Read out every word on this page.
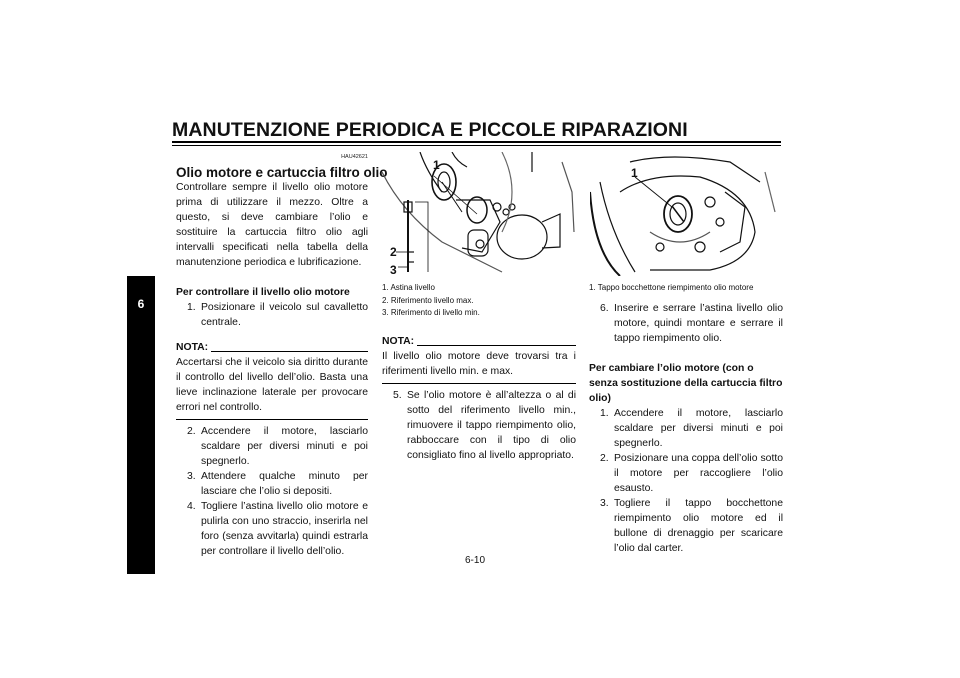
MANUTENZIONE PERIODICA E PICCOLE RIPARAZIONI
6
HAU42621
Olio motore e cartuccia filtro olio

Controllare sempre il livello olio motore prima di utilizzare il mezzo. Oltre a questo, si deve cambiare l’olio e sostituire la cartuccia filtro olio agli intervalli specificati nella tabella della manutenzione periodica e lubrificazione.

Per controllare il livello olio motore

1. Posizionare il veicolo sul cavalletto centrale.

NOTA:

Accertarsi che il veicolo sia diritto durante il controllo del livello dell’olio. Basta una lieve inclinazione laterale per provocare errori nel controllo.

2. Accendere il motore, lasciarlo scaldare per diversi minuti e poi spegnerlo.

3. Attendere qualche minuto per lasciare che l’olio si depositi.

4. Togliere l’astina livello olio motore e pulirla con uno straccio, inserirla nel foro (senza avvitarla) quindi estrarla per controllare il livello dell’olio.

1
2
3
1. Astina livello
2. Riferimento livello max.
3. Riferimento di livello min.
NOTA:

Il livello olio motore deve trovarsi tra i riferimenti livello min. e max.

5. Se l’olio motore è all’altezza o al di sotto del riferimento livello min., rimuovere il tappo riempimento olio, rabboccare con il tipo di olio consigliato fino al livello appropriato.

1
1. Tappo bocchettone riempimento olio motore
6. Inserire e serrare l’astina livello olio motore, quindi montare e serrare il tappo riempimento olio.

Per cambiare l’olio motore (con o senza sostituzione della cartuccia filtro olio)

1. Accendere il motore, lasciarlo scaldare per diversi minuti e poi spegnerlo.

2. Posizionare una coppa dell’olio sotto il motore per raccogliere l’olio esausto.

3. Togliere il tappo bocchettone riempimento olio motore ed il bullone di drenaggio per scaricare l’olio dal carter.

6-10
